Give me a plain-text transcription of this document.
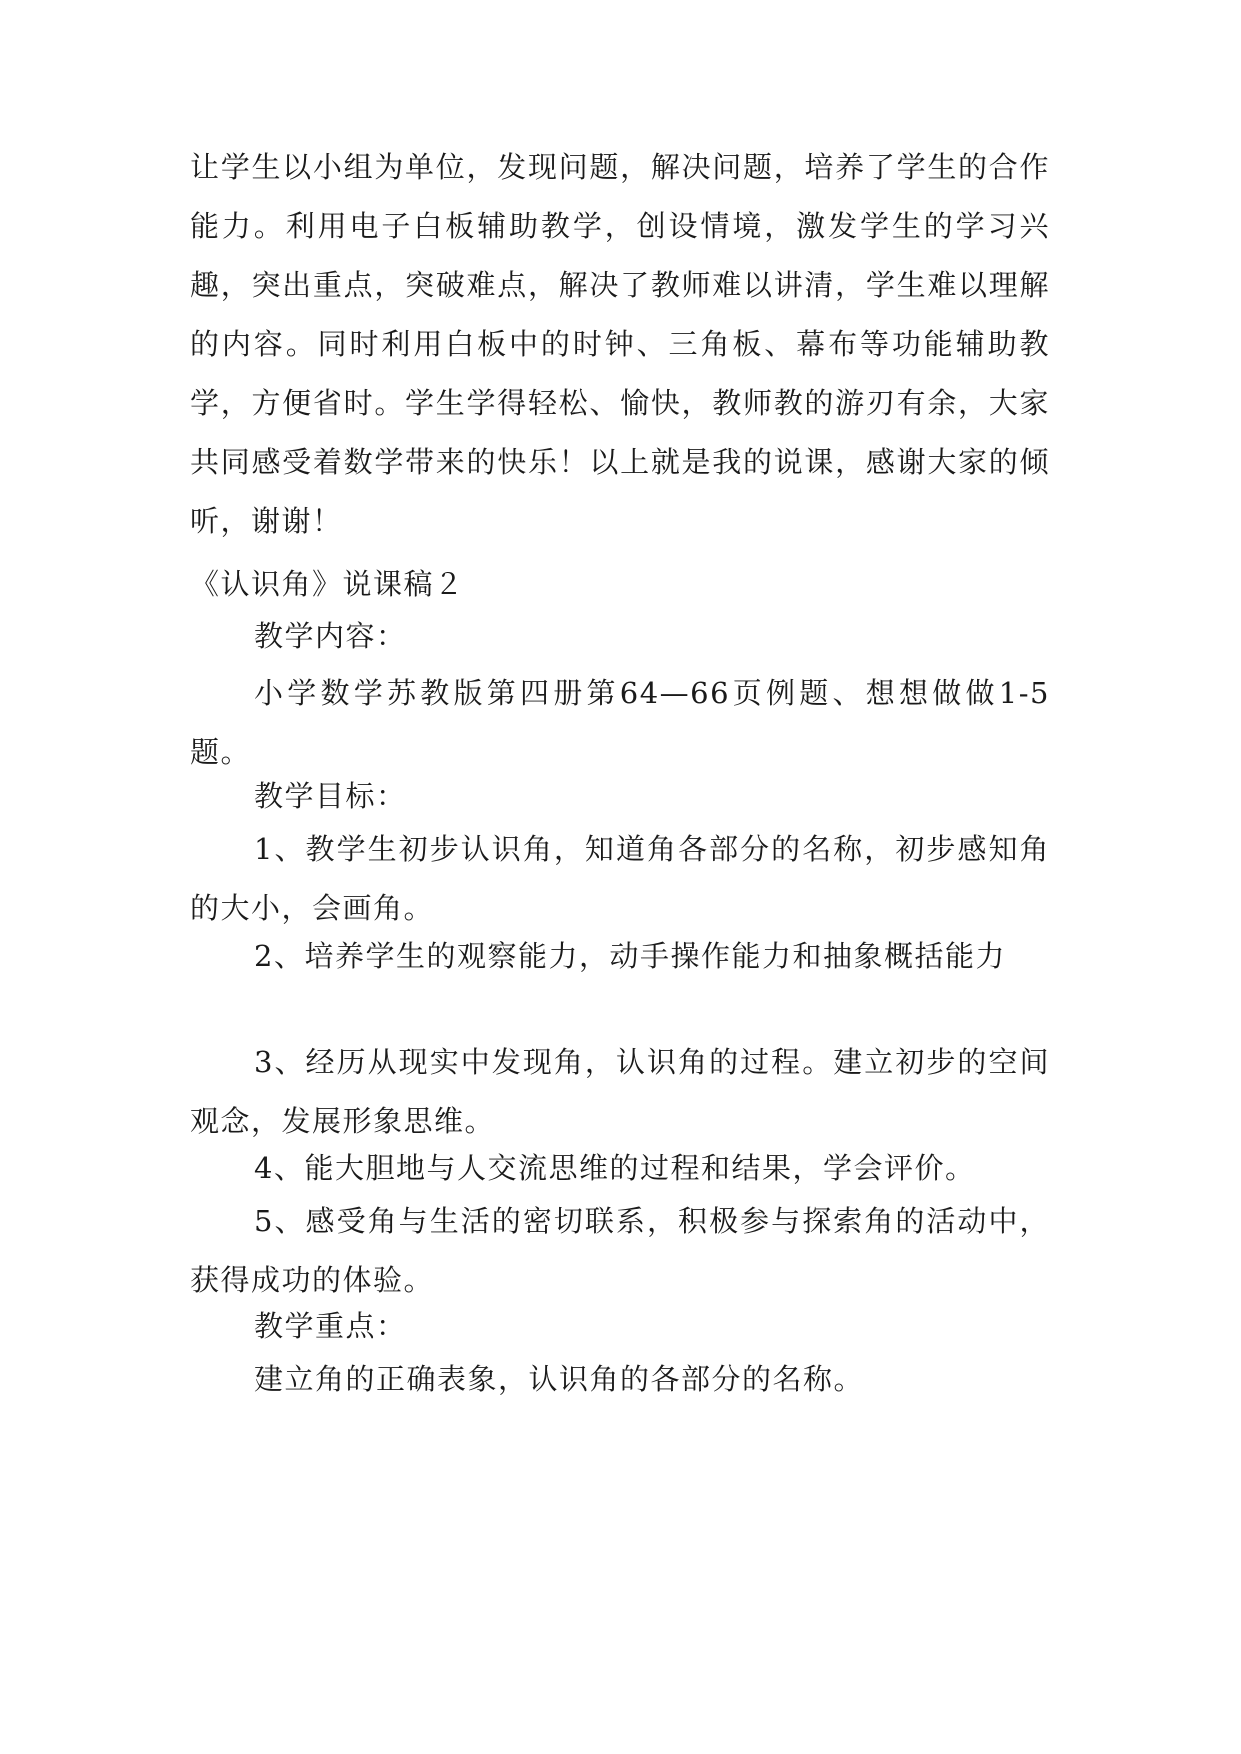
让学生以小组为单位，发现问题，解决问题，培养了学生的合作能力。利用电子白板辅助教学，创设情境，激发学生的学习兴趣，突出重点，突破难点，解决了教师难以讲清，学生难以理解的内容。同时利用白板中的时钟、三角板、幕布等功能辅助教学，方便省时。学生学得轻松、愉快，教师教的游刃有余，大家共同感受着数学带来的快乐！以上就是我的说课，感谢大家的倾听，谢谢！

《认识角》说课稿２

教学内容：

小学数学苏教版第四册第64—66页例题、想想做做1-5题。

教学目标：

1、教学生初步认识角，知道角各部分的名称，初步感知角的大小，会画角。

2、培养学生的观察能力，动手操作能力和抽象概括能力

3、经历从现实中发现角，认识角的过程。建立初步的空间观念，发展形象思维。

4、能大胆地与人交流思维的过程和结果，学会评价。

5、感受角与生活的密切联系，积极参与探索角的活动中，获得成功的体验。

教学重点：

建立角的正确表象，认识角的各部分的名称。
